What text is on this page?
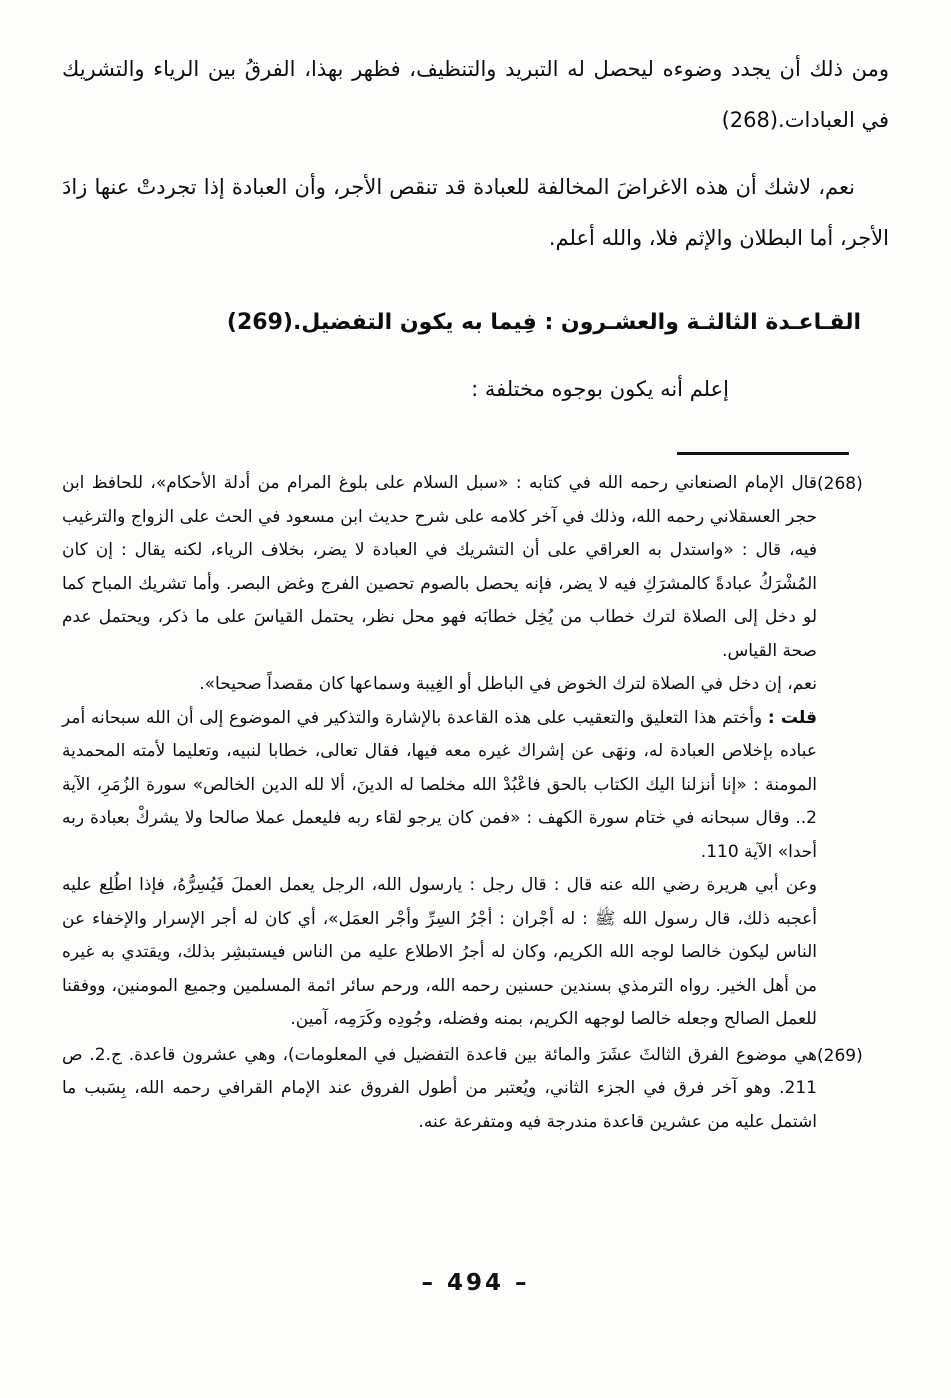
ومن ذلك أن يجدد وضوءه ليحصل له التبريد والتنظيف، فظهر بهذا، الفرقُ بين الرياء والتشريك في العبادات.(268)

نعم، لاشك أن هذه الاغراضَ المخالفة للعبادة قد تنقص الأجر، وأن العبادة إذا تجردتْ عنها زادَ الأجر، أما البطلان والإثم فلا، والله أعلم.

القـاعـدة الثالثـة والعشـرون : فِيما به يكون التفضيل.(269)

إعلم أنه يكون بوجوه مختلفة :

(268)

قال الإمام الصنعاني رحمه الله في كتابه : «سبل السلام على بلوغ المرام من أدلة الأحكام»، للحافظ ابن حجر العسقلاني رحمه الله، وذلك في آخر كلامه على شرح حديث ابن مسعود في الحث على الزواج والترغيب فيه، قال : «واستدل به العراقي على أن التشريك في العبادة لا يضر، بخلاف الرياء، لكنه يقال : إن كان المُشْرَكُ عبادةً كالمشرَكِ فيه لا يضر، فإنه يحصل بالصوم تحصين الفرج وغض البصر. وأما تشريك المباح كما لو دخل إلى الصلاة لترك خطاب من يُخِل خطابَه فهو محل نظر، يحتمل القياسَ على ما ذكر، ويحتمل عدم صحة القياس.

نعم، إن دخل في الصلاة لترك الخوض في الباطل أو الغِيبة وسماعها كان مقصداً صحيحا».

قلت : وأختم هذا التعليق والتعقيب على هذه القاعدة بالإشارة والتذكير في الموضوع إلى أن الله سبحانه أمر عباده بإخلاص العبادة له، ونهَى عن إشراك غيره معه فيها، فقال تعالى، خطابا لنبيه، وتعليما لأمته المحمدية المومنة : «إنا أنزلنا اليك الكتاب بالحق فاعْبُدْ الله مخلصا له الدينَ، ألا لله الدين الخالص» سورة الزُمَرِ، الآية 2.. وقال سبحانه في ختام سورة الكهف : «فمن كان يرجو لقاء ربه فليعمل عملا صالحا ولا يشركْ بعبادة ربه أحدا» الآية 110.

وعن أبي هريرة رضي الله عنه قال : قال رجل : يارسول الله، الرجل يعمل العملَ فَيُسِرُّهُ، فإذا اطُلِع عليه أعجبه ذلك، قال رسول الله ﷺ : له أجْران : أجْرُ السِرِّ وأجْر العمَل»، أي كان له أجر الإسرار والإخفاء عن الناس ليكون خالصا لوجه الله الكريم، وكان له أجرُ الاطلاع عليه من الناس فيستبشِر بذلك، ويقتدي به غيره من أهل الخير. رواه الترمذي بسندين حسنين رحمه الله، ورحم سائر ائمة المسلمين وجميع المومنين، ووفقنا للعمل الصالح وجعله خالصا لوجهه الكريم، بمنه وفضله، وجُودِه وكَرَمِه، آمين.

(269)

هي موضوع الفرق الثالثَ عشَرَ والمائة بين قاعدة التفضيل في المعلومات)، وهي عشرون قاعدة. ج.2. ص 211. وهو آخر فرق في الجزء الثاني، ويُعتبر من أطول الفروق عند الإمام القرافي رحمه الله، بِسَبب ما اشتمل عليه من عشرين قاعدة مندرجة فيه ومتفرعة عنه.

– 494 –
